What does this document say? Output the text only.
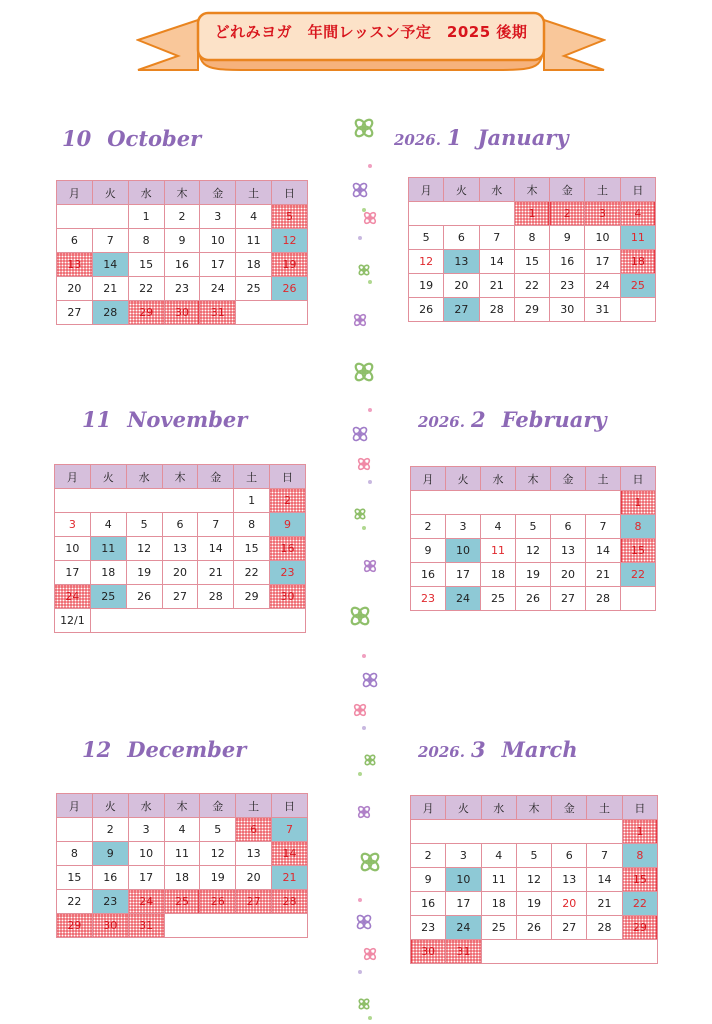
どれみヨガ　年間レッスン予定　2025 後期
10 October
月	火	水	木	金	土	日
		1	2	3	4	5
6	7	8	9	10	11	12
13	14	15	16	17	18	19
20	21	22	23	24	25	26
27	28	29	30	31		
11 November
月	火	水	木	金	土	日
					1	2
3	4	5	6	7	8	9
10	11	12	13	14	15	16
17	18	19	20	21	22	23
24	25	26	27	28	29	30
12/1						
12 December
月	火	水	木	金	土	日
	2	3	4	5	6	7
8	9	10	11	12	13	14
15	16	17	18	19	20	21
22	23	24	25	26	27	28
29	30	31				
2026. 1 January
月	火	水	木	金	土	日
			1	2	3	4
5	6	7	8	9	10	11
12	13	14	15	16	17	18
19	20	21	22	23	24	25
26	27	28	29	30	31	
2026. 2 February
月	火	水	木	金	土	日
						1
2	3	4	5	6	7	8
9	10	11	12	13	14	15
16	17	18	19	20	21	22
23	24	25	26	27	28	
2026. 3 March
月	火	水	木	金	土	日
						1
2	3	4	5	6	7	8
9	10	11	12	13	14	15
16	17	18	19	20	21	22
23	24	25	26	27	28	29
30	31					
